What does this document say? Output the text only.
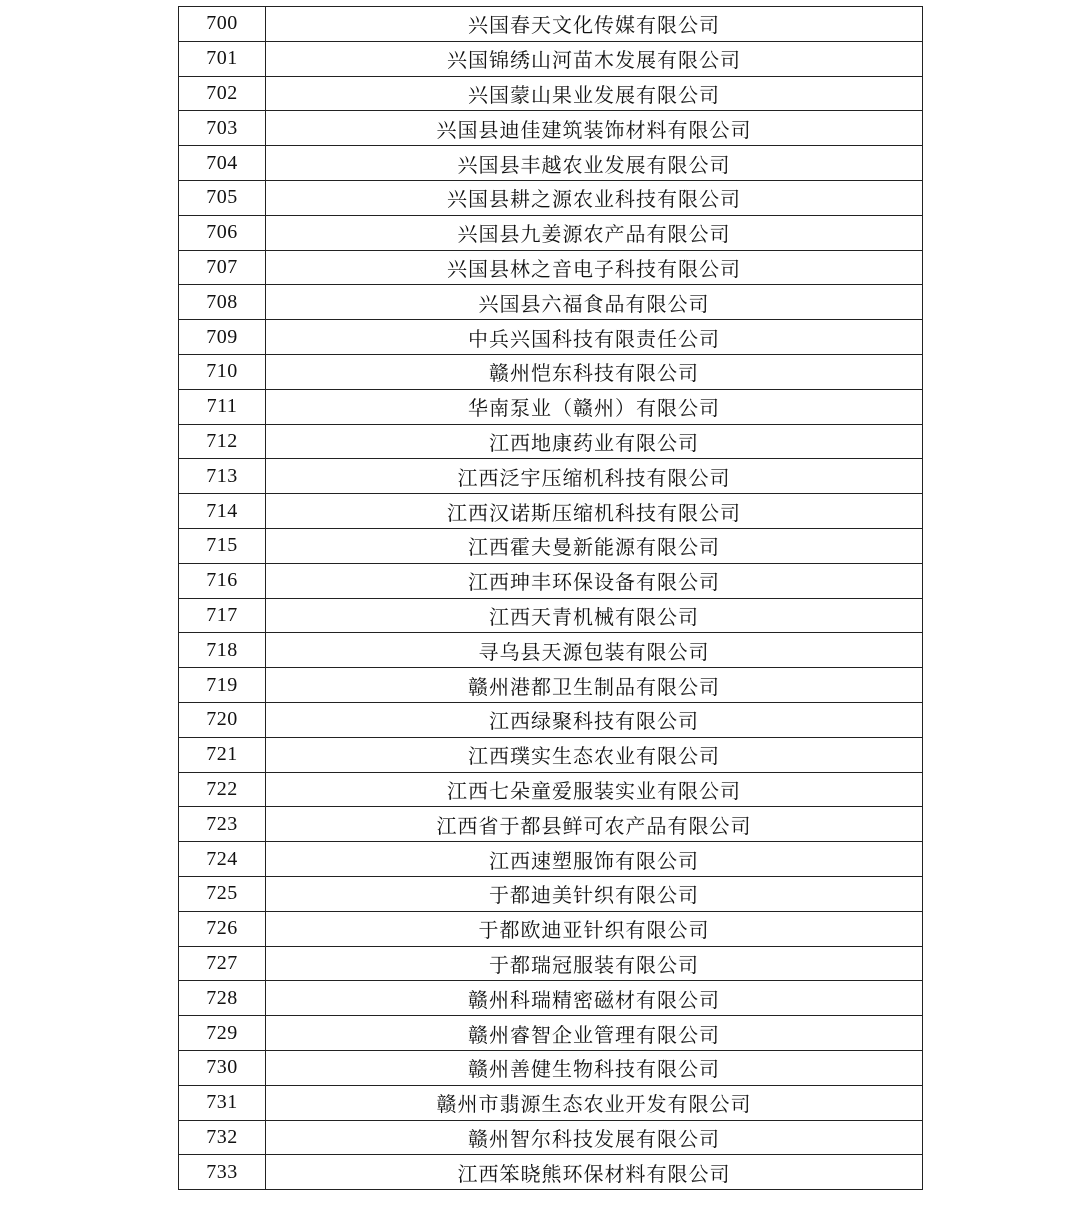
700	兴国春天文化传媒有限公司
701	兴国锦绣山河苗木发展有限公司
702	兴国蒙山果业发展有限公司
703	兴国县迪佳建筑装饰材料有限公司
704	兴国县丰越农业发展有限公司
705	兴国县耕之源农业科技有限公司
706	兴国县九姜源农产品有限公司
707	兴国县林之音电子科技有限公司
708	兴国县六福食品有限公司
709	中兵兴国科技有限责任公司
710	赣州恺东科技有限公司
711	华南泵业（赣州）有限公司
712	江西地康药业有限公司
713	江西泛宇压缩机科技有限公司
714	江西汉诺斯压缩机科技有限公司
715	江西霍夫曼新能源有限公司
716	江西珅丰环保设备有限公司
717	江西天青机械有限公司
718	寻乌县天源包装有限公司
719	赣州港都卫生制品有限公司
720	江西绿聚科技有限公司
721	江西璞实生态农业有限公司
722	江西七朵童爱服装实业有限公司
723	江西省于都县鲜可农产品有限公司
724	江西速塑服饰有限公司
725	于都迪美针织有限公司
726	于都欧迪亚针织有限公司
727	于都瑞冠服装有限公司
728	赣州科瑞精密磁材有限公司
729	赣州睿智企业管理有限公司
730	赣州善健生物科技有限公司
731	赣州市翡源生态农业开发有限公司
732	赣州智尔科技发展有限公司
733	江西笨晓熊环保材料有限公司
